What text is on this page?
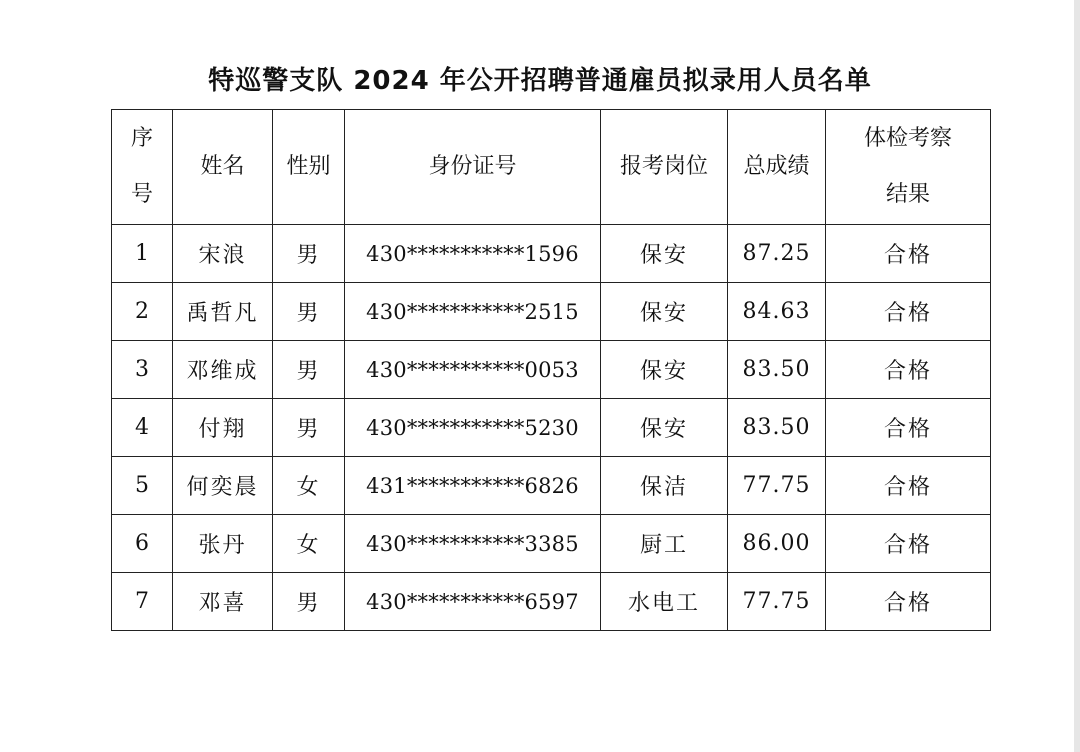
特巡警支队 2024 年公开招聘普通雇员拟录用人员名单
序号	姓名	性别	身份证号	报考岗位	总成绩	体检考察结果
1	宋浪	男	430***********1596	保安	87.25	合格
2	禹哲凡	男	430***********2515	保安	84.63	合格
3	邓维成	男	430***********0053	保安	83.50	合格
4	付翔	男	430***********5230	保安	83.50	合格
5	何奕晨	女	431***********6826	保洁	77.75	合格
6	张丹	女	430***********3385	厨工	86.00	合格
7	邓喜	男	430***********6597	水电工	77.75	合格
